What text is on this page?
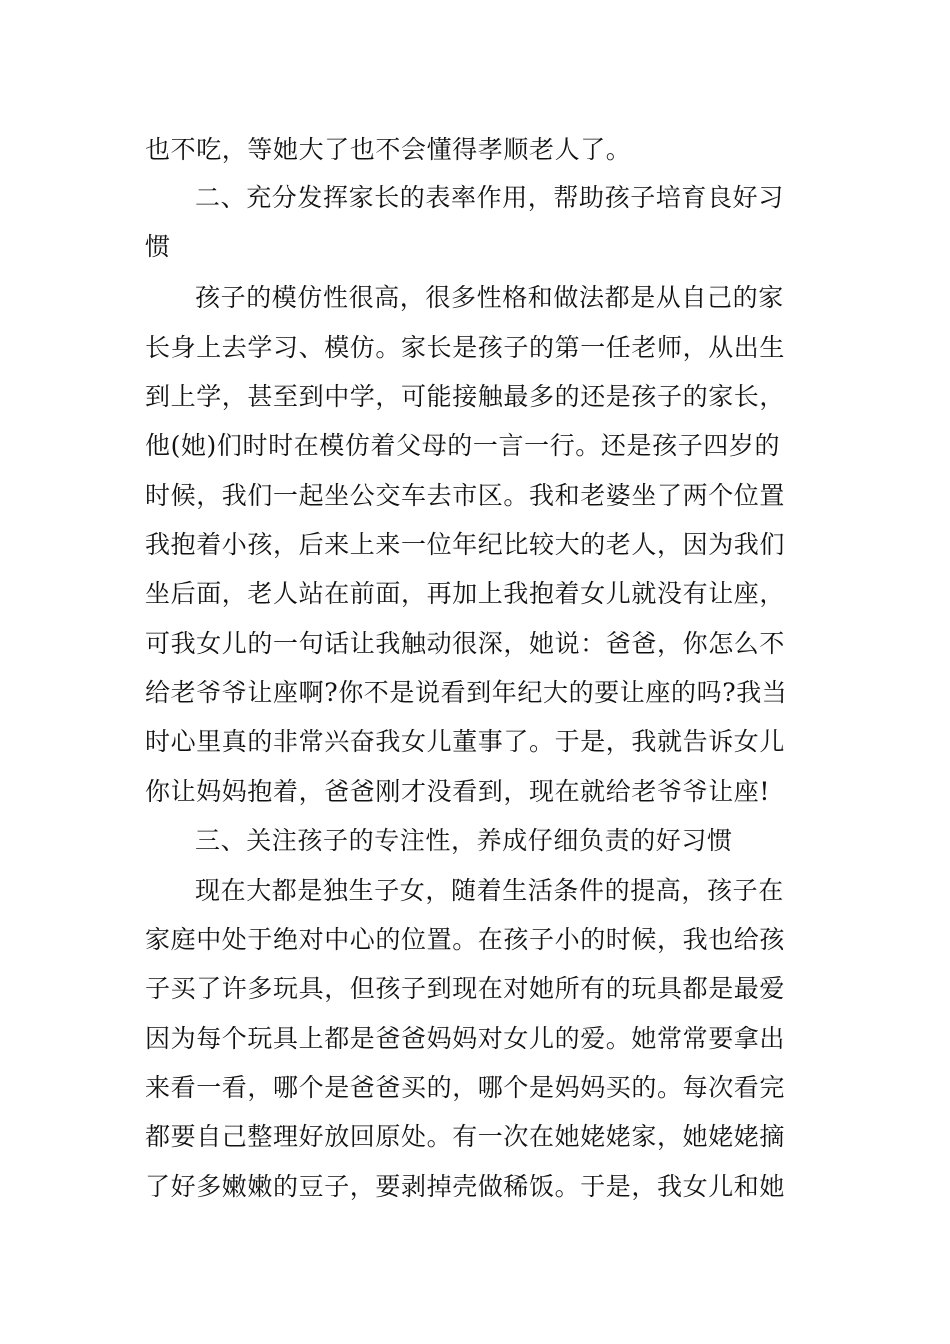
也不吃，等她大了也不会懂得孝顺老人了。
二、充分发挥家长的表率作用，帮助孩子培育良好习
惯
孩子的模仿性很高，很多性格和做法都是从自己的家
长身上去学习、模仿。家长是孩子的第一任老师，从出生
到上学，甚至到中学，可能接触最多的还是孩子的家长，
他(她)们时时在模仿着父母的一言一行。还是孩子四岁的
时候，我们一起坐公交车去市区。我和老婆坐了两个位置
我抱着小孩，后来上来一位年纪比较大的老人，因为我们
坐后面，老人站在前面，再加上我抱着女儿就没有让座，
可我女儿的一句话让我触动很深，她说：爸爸，你怎么不
给老爷爷让座啊?你不是说看到年纪大的要让座的吗?我当
时心里真的非常兴奋我女儿董事了。于是，我就告诉女儿
你让妈妈抱着，爸爸刚才没看到，现在就给老爷爷让座!
三、关注孩子的专注性，养成仔细负责的好习惯
现在大都是独生子女，随着生活条件的提高，孩子在
家庭中处于绝对中心的位置。在孩子小的时候，我也给孩
子买了许多玩具，但孩子到现在对她所有的玩具都是最爱
因为每个玩具上都是爸爸妈妈对女儿的爱。她常常要拿出
来看一看，哪个是爸爸买的，哪个是妈妈买的。每次看完
都要自己整理好放回原处。有一次在她姥姥家，她姥姥摘
了好多嫩嫩的豆子，要剥掉壳做稀饭。于是，我女儿和她
